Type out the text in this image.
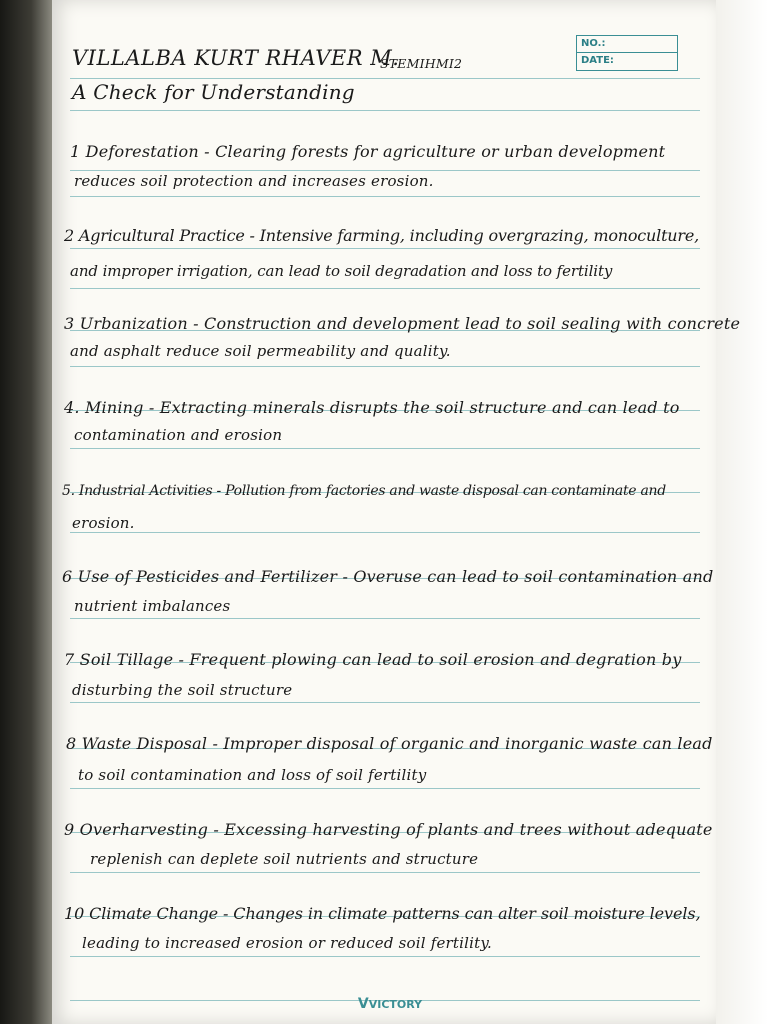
NO.:
DATE:
VILLALBA KURT RHAVER M.
STEMIHMI2
A Check for Understanding
1 Deforestation - Clearing forests for agriculture or urban development
reduces soil protection and increases erosion.
2 Agricultural Practice - Intensive farming, including overgrazing, monoculture,
and improper irrigation, can lead to soil degradation and loss to fertility
3 Urbanization - Construction and development lead to soil sealing with concrete
and asphalt reduce soil permeability and quality.
4. Mining - Extracting minerals disrupts the soil structure and can lead to
contamination and erosion
5. Industrial Activities - Pollution from factories and waste disposal can contaminate and
erosion.
6 Use of Pesticides and Fertilizer - Overuse can lead to soil contamination and
nutrient imbalances
7 Soil Tillage - Frequent plowing can lead to soil erosion and degration by
disturbing the soil structure
8 Waste Disposal - Improper disposal of organic and inorganic waste can lead
to soil contamination and loss of soil fertility
9 Overharvesting - Excessing harvesting of plants and trees without adequate
replenish can deplete soil nutrients and structure
10 Climate Change - Changes in climate patterns can alter soil moisture levels,
leading to increased erosion or reduced soil fertility.
VVICTORY
